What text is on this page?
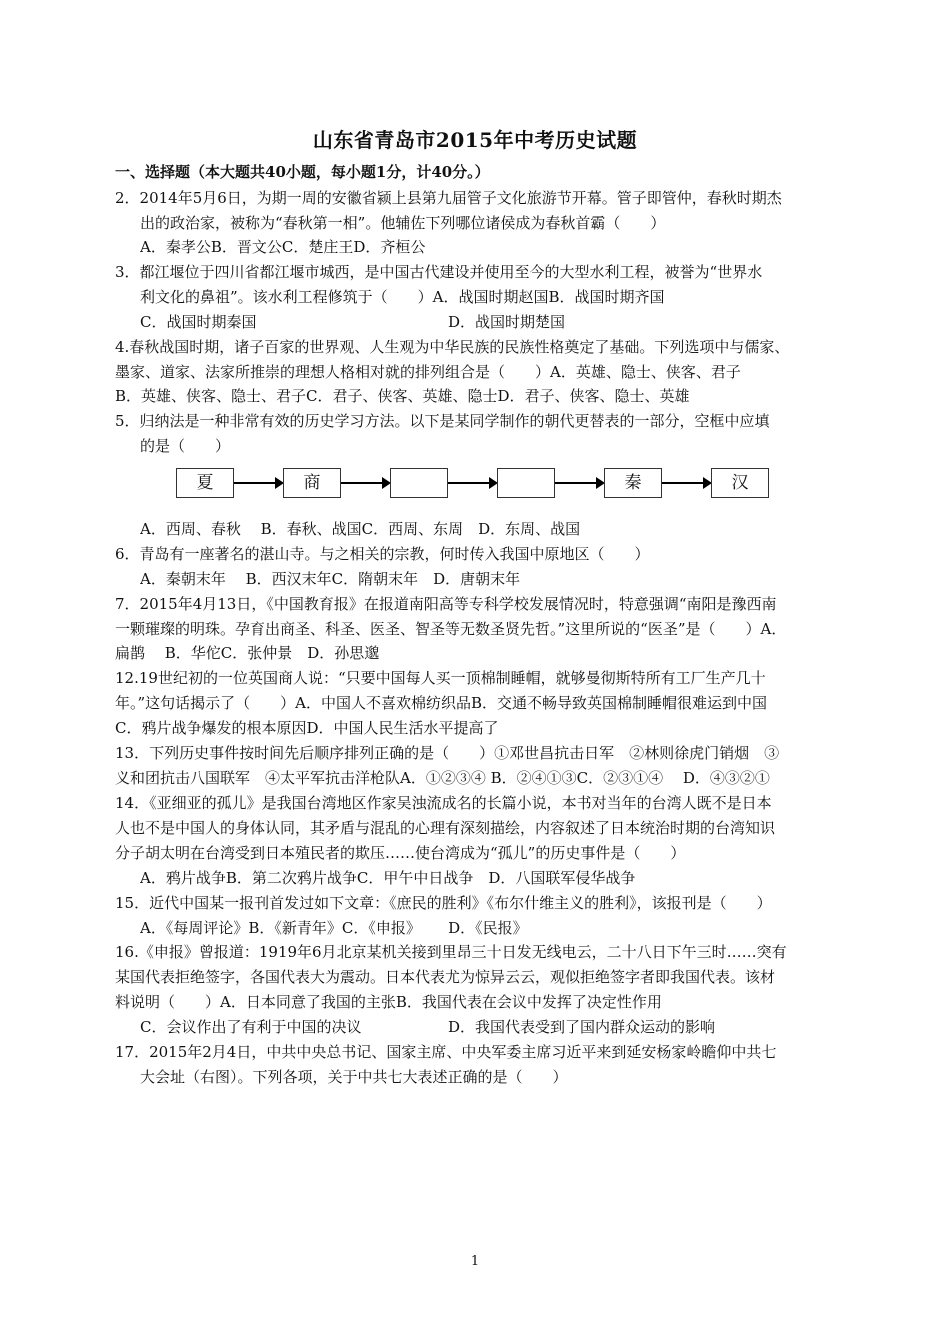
山东省青岛市2015年中考历史试题
一、选择题（本大题共40小题，每小题1分，计40分。）
2．2014年5月6日，为期一周的安徽省颍上县第九届管子文化旅游节开幕。管子即管仲，春秋时期杰
出的政治家，被称为“春秋第一相”。他辅佐下列哪位诸侯成为春秋首霸（　　）
A．秦孝公B．晋文公C．楚庄王D．齐桓公
3．都江堰位于四川省都江堰市城西，是中国古代建设并使用至今的大型水利工程，被誉为“世界水
利文化的鼻祖”。该水利工程修筑于（　　）A．战国时期赵国B．战国时期齐国
C．战国时期秦国	D．战国时期楚国
4.春秋战国时期，诸子百家的世界观、人生观为中华民族的民族性格奠定了基础。下列选项中与儒家、
墨家、道家、法家所推崇的理想人格相对就的排列组合是（　　）A．英雄、隐士、侠客、君子
B．英雄、侠客、隐士、君子C．君子、侠客、英雄、隐士D．君子、侠客、隐士、英雄
5．归纳法是一种非常有效的历史学习方法。以下是某同学制作的朝代更替表的一部分，空框中应填
的是（　　）
夏	商	秦	汉
A．西周、春秋　 B．春秋、战国C．西周、东周　D．东周、战国
6．青岛有一座著名的湛山寺。与之相关的宗教，何时传入我国中原地区（　　）
A．秦朝末年　 B．西汉末年C．隋朝末年　D．唐朝末年
7．2015年4月13日，《中国教育报》在报道南阳高等专科学校发展情况时，特意强调“南阳是豫西南
一颗璀璨的明珠。孕育出商圣、科圣、医圣、智圣等无数圣贤先哲。”这里所说的“医圣”是（　　）A．
扁鹊　 B．华佗C．张仲景　D．孙思邈
12.19世纪初的一位英国商人说：“只要中国每人买一顶棉制睡帽，就够曼彻斯特所有工厂生产几十
年。”这句话揭示了（　　）A．中国人不喜欢棉纺织品B．交通不畅导致英国棉制睡帽很难运到中国
C．鸦片战争爆发的根本原因D．中国人民生活水平提高了
13．下列历史事件按时间先后顺序排列正确的是（　　）①邓世昌抗击日军　②林则徐虎门销烟　③
义和团抗击八国联军　④太平军抗击洋枪队A．①②③④ B．②④①③C．②③①④　 D．④③②①
14．《亚细亚的孤儿》是我国台湾地区作家吴浊流成名的长篇小说，本书对当年的台湾人既不是日本
人也不是中国人的身体认同，其矛盾与混乱的心理有深刻描绘，内容叙述了日本统治时期的台湾知识
分子胡太明在台湾受到日本殖民者的欺压……使台湾成为“孤儿”的历史事件是（　　）
A．鸦片战争B．第二次鸦片战争C．甲午中日战争　D．八国联军侵华战争
15．近代中国某一报刊首发过如下文章：《庶民的胜利》《布尔什维主义的胜利》，该报刊是（　　）
A．《每周评论》B．《新青年》C．《申报》　　 D．《民报》
16.《申报》曾报道：1919年6月北京某机关接到里昂三十日发无线电云，二十八日下午三时……突有
某国代表拒绝签字，各国代表大为震动。日本代表尤为惊异云云，观似拒绝签字者即我国代表。该材
料说明（　　）A．日本同意了我国的主张B．我国代表在会议中发挥了决定性作用
C．会议作出了有利于中国的决议	D．我国代表受到了国内群众运动的影响
17．2015年2月4日，中共中央总书记、国家主席、中央军委主席习近平来到延安杨家岭瞻仰中共七
大会址（右图）。下列各项，关于中共七大表述正确的是（　　）
1
